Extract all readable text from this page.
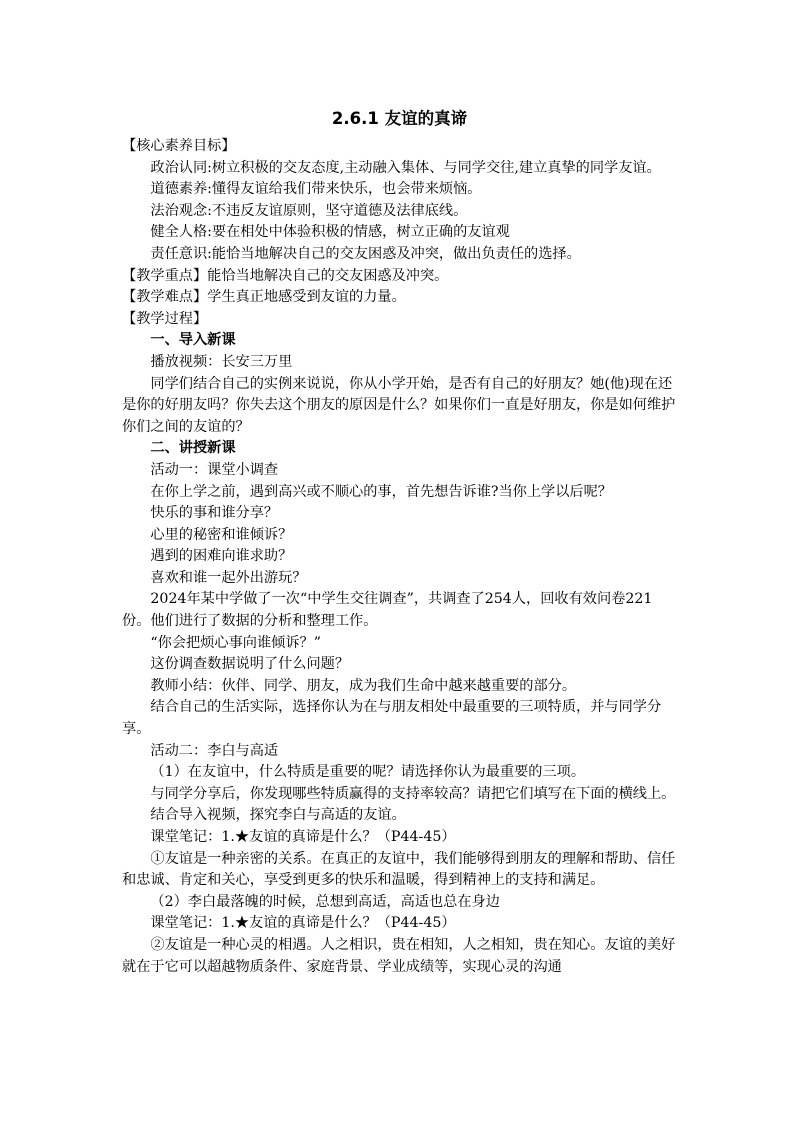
2.6.1 友谊的真谛

【核心素养目标】

政治认同:树立积极的交友态度,主动融入集体、与同学交往,建立真挚的同学友谊。

道德素养:懂得友谊给我们带来快乐，也会带来烦恼。

法治观念:不违反友谊原则，坚守道德及法律底线。

健全人格:要在相处中体验积极的情感，树立正确的友谊观

责任意识:能恰当地解决自己的交友困惑及冲突，做出负责任的选择。

【教学重点】能恰当地解决自己的交友困惑及冲突。

【教学难点】学生真正地感受到友谊的力量。

【教学过程】

一、导入新课

播放视频：长安三万里

同学们结合自己的实例来说说，你从小学开始，是否有自己的好朋友？她(他)现在还是你的好朋友吗？你失去这个朋友的原因是什么？如果你们一直是好朋友，你是如何维护你们之间的友谊的？

二、讲授新课

活动一：课堂小调查

在你上学之前，遇到高兴或不顺心的事，首先想告诉谁?当你上学以后呢？

快乐的事和谁分享？

心里的秘密和谁倾诉？

遇到的困难向谁求助？

喜欢和谁一起外出游玩？

2024年某中学做了一次“中学生交往调查”，共调查了254人，回收有效问卷221份。他们进行了数据的分析和整理工作。

“你会把烦心事向谁倾诉？”

这份调查数据说明了什么问题？

教师小结：伙伴、同学、朋友，成为我们生命中越来越重要的部分。

结合自己的生活实际，选择你认为在与朋友相处中最重要的三项特质，并与同学分享。

活动二：李白与高适

（1）在友谊中，什么特质是重要的呢？请选择你认为最重要的三项。

与同学分享后，你发现哪些特质赢得的支持率较高？请把它们填写在下面的横线上。

结合导入视频，探究李白与高适的友谊。

课堂笔记：1.★友谊的真谛是什么？（P44-45）

①友谊是一种亲密的关系。在真正的友谊中，我们能够得到朋友的理解和帮助、信任和忠诚、肯定和关心，享受到更多的快乐和温暖，得到精神上的支持和满足。

（2）李白最落魄的时候，总想到高适，高适也总在身边

课堂笔记：1.★友谊的真谛是什么？（P44-45）

②友谊是一种心灵的相遇。人之相识，贵在相知，人之相知，贵在知心。友谊的美好就在于它可以超越物质条件、家庭背景、学业成绩等，实现心灵的沟通
